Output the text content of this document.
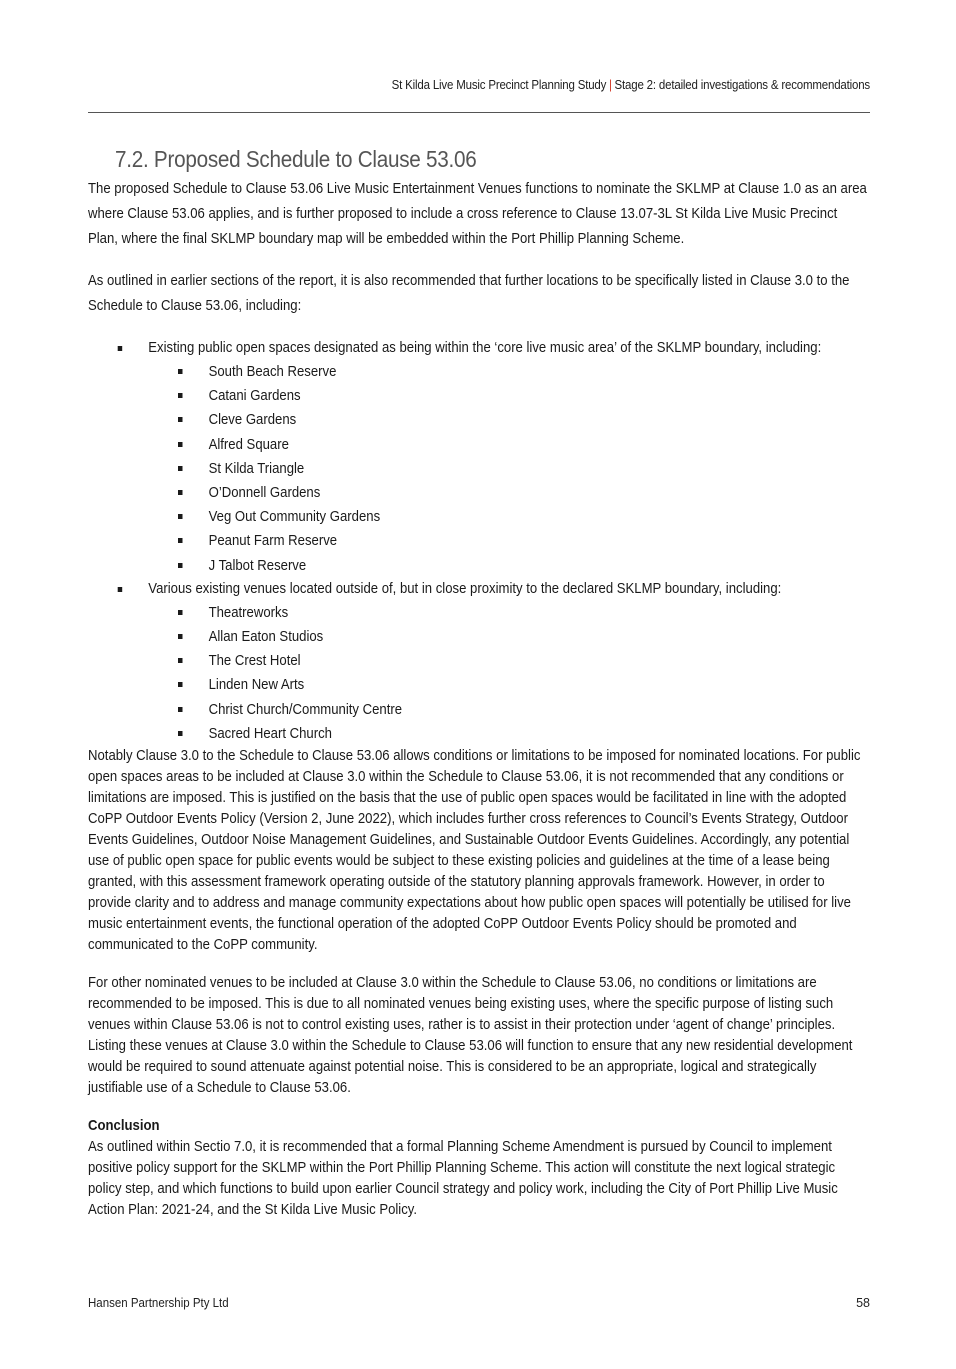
St Kilda Live Music Precinct Planning Study | Stage 2: detailed investigations & recommendations
7.2. Proposed Schedule to Clause 53.06

The proposed Schedule to Clause 53.06 Live Music Entertainment Venues functions to nominate the SKLMP at Clause 1.0 as an area where Clause 53.06 applies, and is further proposed to include a cross reference to Clause 13.07-3L St Kilda Live Music Precinct Plan, where the final SKLMP boundary map will be embedded within the Port Phillip Planning Scheme.

As outlined in earlier sections of the report, it is also recommended that further locations to be specifically listed in Clause 3.0 to the Schedule to Clause 53.06, including:

Existing public open spaces designated as being within the ‘core live music area’ of the SKLMP boundary, including:
South Beach Reserve
Catani Gardens
Cleve Gardens
Alfred Square
St Kilda Triangle
O’Donnell Gardens
Veg Out Community Gardens
Peanut Farm Reserve
J Talbot Reserve
Various existing venues located outside of, but in close proximity to the declared SKLMP boundary, including:
Theatreworks
Allan Eaton Studios
The Crest Hotel
Linden New Arts
Christ Church/Community Centre
Sacred Heart Church

Notably Clause 3.0 to the Schedule to Clause 53.06 allows conditions or limitations to be imposed for nominated locations. For public open spaces areas to be included at Clause 3.0 within the Schedule to Clause 53.06, it is not recommended that any conditions or limitations are imposed. This is justified on the basis that the use of public open spaces would be facilitated in line with the adopted CoPP Outdoor Events Policy (Version 2, June 2022), which includes further cross references to Council’s Events Strategy, Outdoor Events Guidelines, Outdoor Noise Management Guidelines, and Sustainable Outdoor Events Guidelines. Accordingly, any potential use of public open space for public events would be subject to these existing policies and guidelines at the time of a lease being granted, with this assessment framework operating outside of the statutory planning approvals framework. However, in order to provide clarity and to address and manage community expectations about how public open spaces will potentially be utilised for live music entertainment events, the functional operation of the adopted CoPP Outdoor Events Policy should be promoted and communicated to the CoPP community.

For other nominated venues to be included at Clause 3.0 within the Schedule to Clause 53.06, no conditions or limitations are recommended to be imposed. This is due to all nominated venues being existing uses, where the specific purpose of listing such venues within Clause 53.06 is not to control existing uses, rather is to assist in their protection under ‘agent of change’ principles. Listing these venues at Clause 3.0 within the Schedule to Clause 53.06 will function to ensure that any new residential development would be required to sound attenuate against potential noise. This is considered to be an appropriate, logical and strategically justifiable use of a Schedule to Clause 53.06.

Conclusion

As outlined within Sectio 7.0, it is recommended that a formal Planning Scheme Amendment is pursued by Council to implement positive policy support for the SKLMP within the Port Phillip Planning Scheme. This action will constitute the next logical strategic policy step, and which functions to build upon earlier Council strategy and policy work, including the City of Port Phillip Live Music Action Plan: 2021-24, and the St Kilda Live Music Policy.

Hansen Partnership Pty Ltd	58
